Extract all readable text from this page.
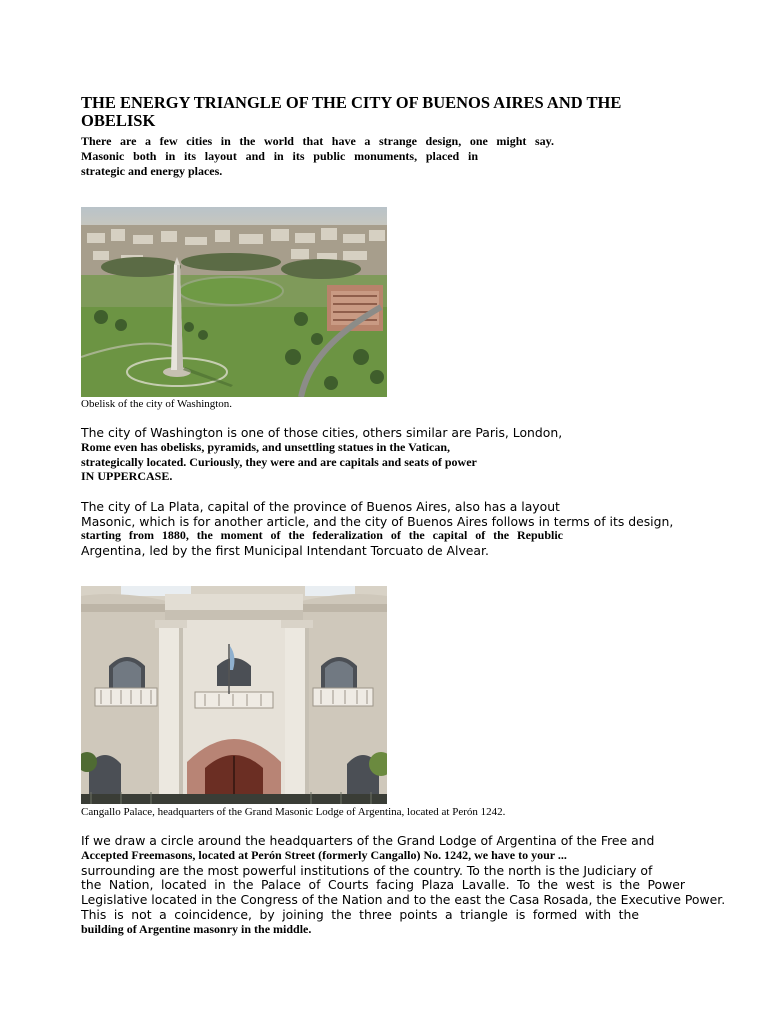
THE ENERGY TRIANGLE OF THE CITY OF BUENOS AIRES AND THE
OBELISK
There are a few cities in the world that have a strange design, one might say.
Masonic both in its layout and in its public monuments, placed in
strategic and energy places.
Obelisk of the city of Washington.
The city of Washington is one of those cities, others similar are Paris, London,
Rome even has obelisks, pyramids, and unsettling statues in the Vatican,
strategically located. Curiously, they were and are capitals and seats of power
IN UPPERCASE.
The city of La Plata, capital of the province of Buenos Aires, also has a layout
Masonic, which is for another article, and the city of Buenos Aires follows in terms of its design,
starting from 1880, the moment of the federalization of the capital of the Republic
Argentina, led by the first Municipal Intendant Torcuato de Alvear.
Cangallo Palace, headquarters of the Grand Masonic Lodge of Argentina, located at Perón 1242.
If we draw a circle around the headquarters of the Grand Lodge of Argentina of the Free and
Accepted Freemasons, located at Perón Street (formerly Cangallo) No. 1242, we have to your ...
surrounding are the most powerful institutions of the country. To the north is the Judiciary of
the Nation, located in the Palace of Courts facing Plaza Lavalle. To the west is the Power
Legislative located in the Congress of the Nation and to the east the Casa Rosada, the Executive Power.
This is not a coincidence, by joining the three points a triangle is formed with the
building of Argentine masonry in the middle.
